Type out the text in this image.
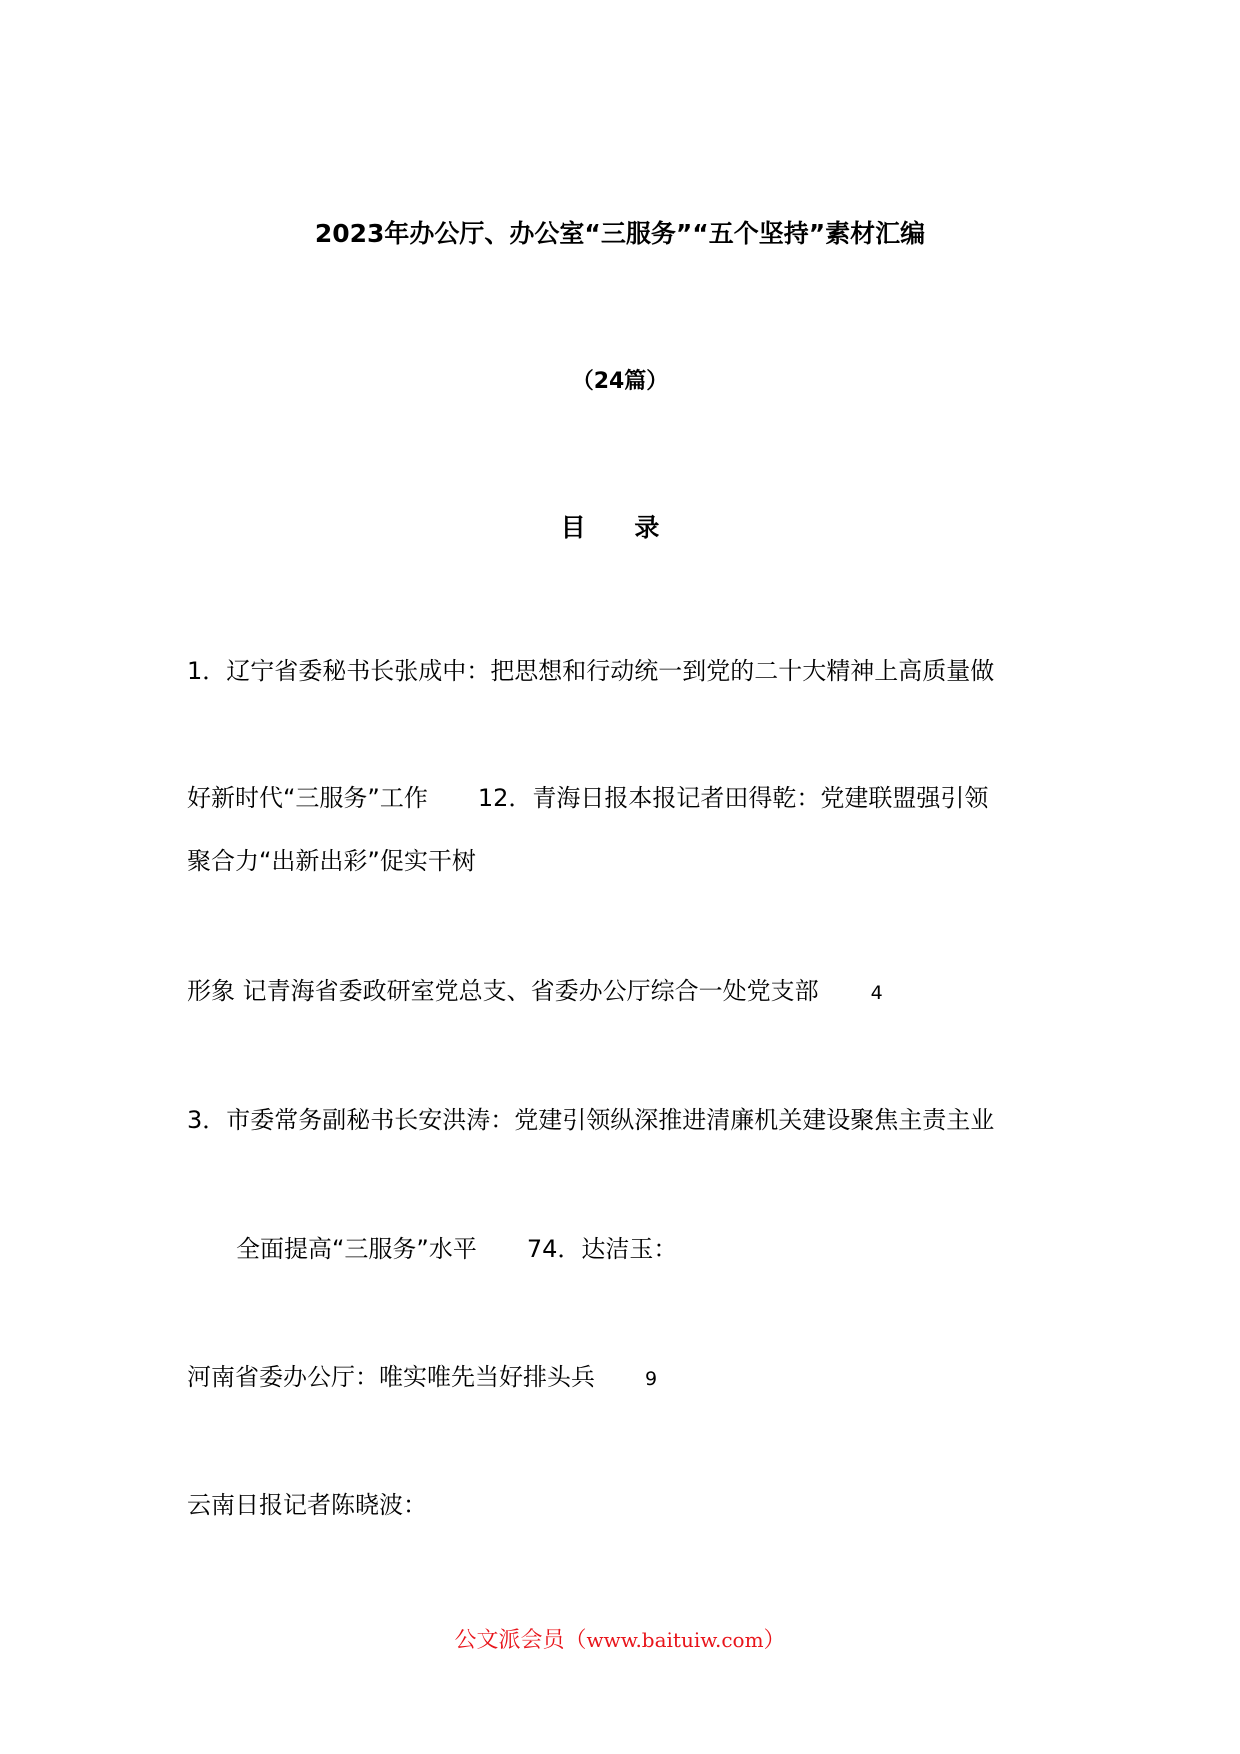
2023年办公厅、办公室“三服务”“五个坚持”素材汇编
（24篇）
目 录
1．辽宁省委秘书长张成中：把思想和行动统一到党的二十大精神上高质量做
好新时代“三服务”工作 12．青海日报本报记者田得乾：党建联盟强引领
聚合力“出新出彩”促实干树
形象 记青海省委政研室党总支、省委办公厅综合一处党支部	4
3．市委常务副秘书长安洪涛：党建引领纵深推进清廉机关建设聚焦主责主业
全面提高“三服务”水平 74．达洁玉：
河南省委办公厅：唯实唯先当好排头兵	9
云南日报记者陈晓波：
公文派会员（www.baituiw.com）
